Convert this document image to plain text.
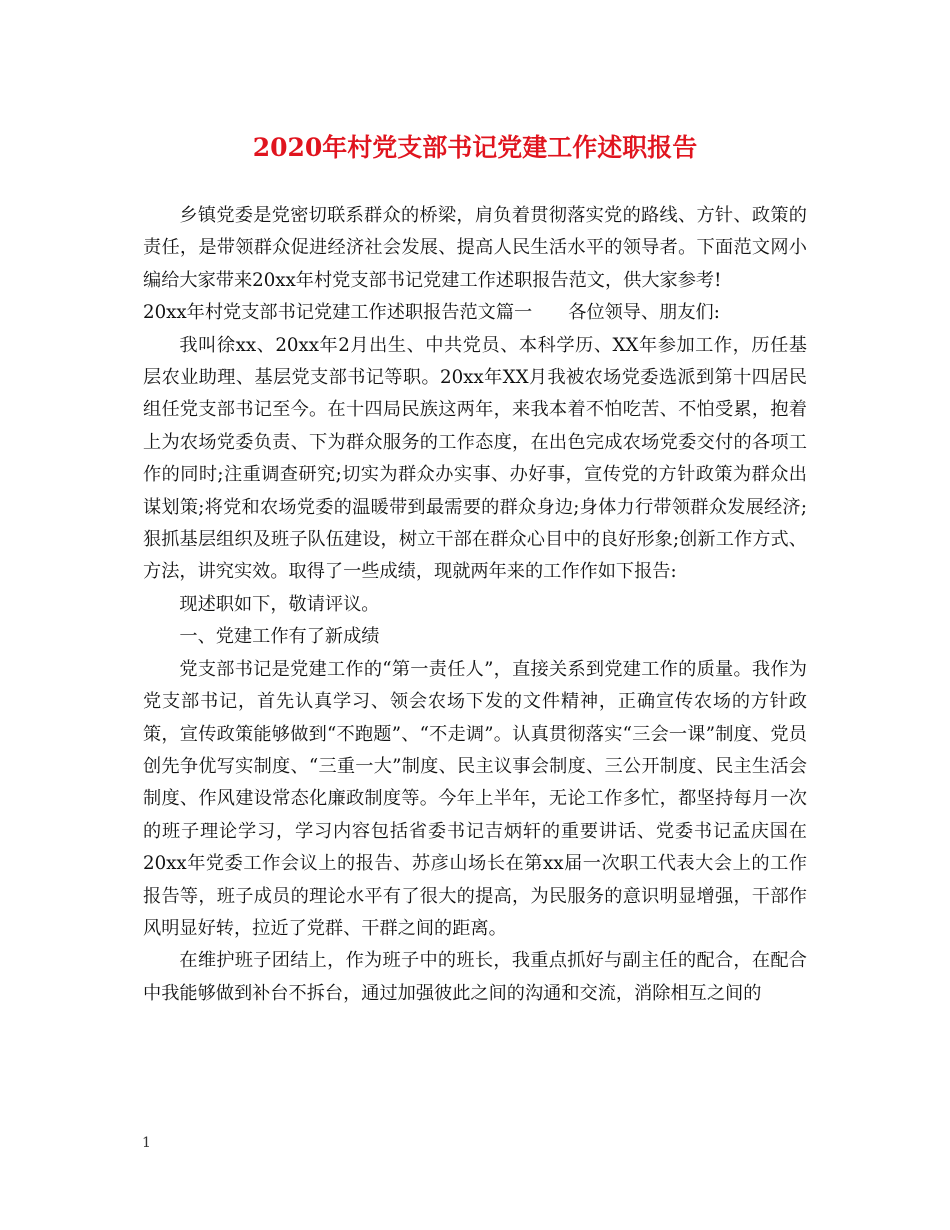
2020年村党支部书记党建工作述职报告

乡镇党委是党密切联系群众的桥梁，肩负着贯彻落实党的路线、方针、政策的责任，是带领群众促进经济社会发展、提高人民生活水平的领导者。下面范文网小编给大家带来20xx年村党支部书记党建工作述职报告范文，供大家参考!

20xx年村党支部书记党建工作述职报告范文篇一 各位领导、朋友们:

我叫徐xx、20xx年2月出生、中共党员、本科学历、XX年参加工作，历任基层农业助理、基层党支部书记等职。20xx年XX月我被农场党委选派到第十四居民组任党支部书记至今。在十四局民族这两年，来我本着不怕吃苦、不怕受累，抱着上为农场党委负责、下为群众服务的工作态度，在出色完成农场党委交付的各项工作的同时;注重调查研究;切实为群众办实事、办好事，宣传党的方针政策为群众出谋划策;将党和农场党委的温暖带到最需要的群众身边;身体力行带领群众发展经济;狠抓基层组织及班子队伍建设，树立干部在群众心目中的良好形象;创新工作方式、方法，讲究实效。取得了一些成绩，现就两年来的工作作如下报告:

现述职如下，敬请评议。

一、党建工作有了新成绩

党支部书记是党建工作的“第一责任人”，直接关系到党建工作的质量。我作为党支部书记，首先认真学习、领会农场下发的文件精神，正确宣传农场的方针政策，宣传政策能够做到“不跑题”、“不走调”。认真贯彻落实“三会一课”制度、党员创先争优写实制度、“三重一大”制度、民主议事会制度、三公开制度、民主生活会制度、作风建设常态化廉政制度等。今年上半年，无论工作多忙，都坚持每月一次的班子理论学习，学习内容包括省委书记吉炳轩的重要讲话、党委书记孟庆国在20xx年党委工作会议上的报告、苏彦山场长在第xx届一次职工代表大会上的工作报告等，班子成员的理论水平有了很大的提高，为民服务的意识明显增强，干部作风明显好转，拉近了党群、干群之间的距离。

在维护班子团结上，作为班子中的班长，我重点抓好与副主任的配合，在配合中我能够做到补台不拆台，通过加强彼此之间的沟通和交流，消除相互之间的

1
